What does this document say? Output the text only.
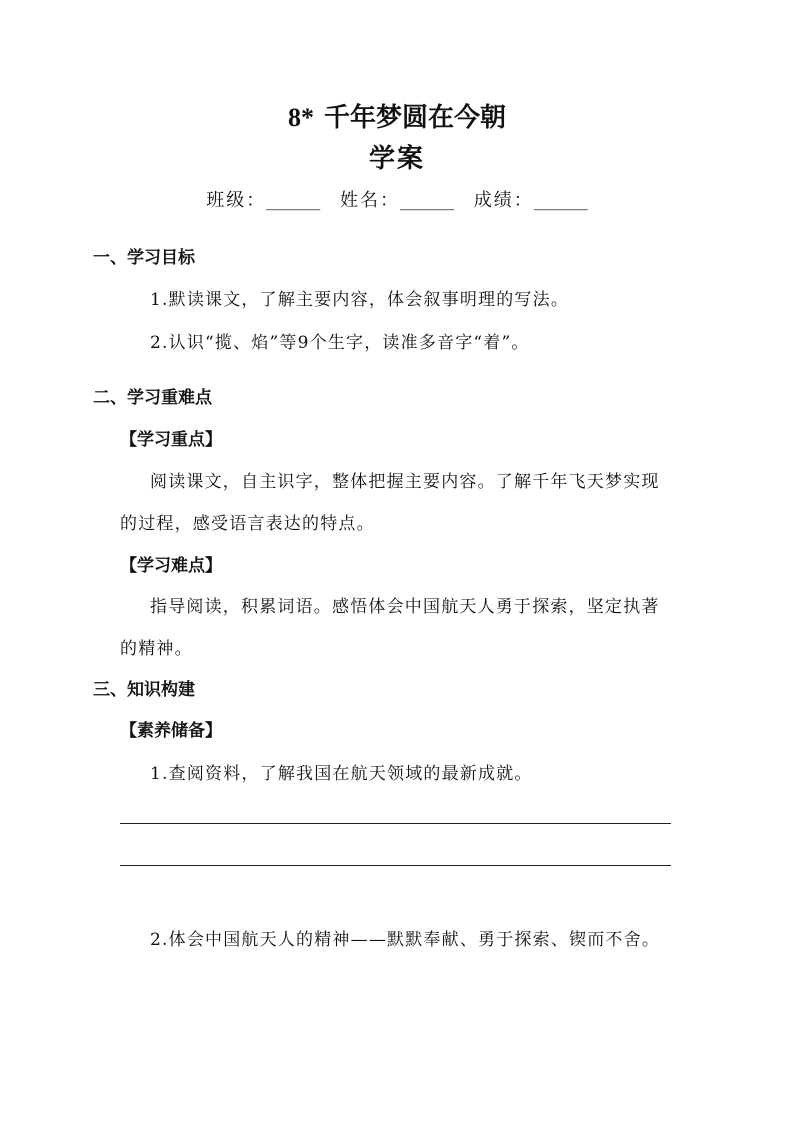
8* 千年梦圆在今朝
学案
班级：______ 姓名：______ 成绩：______
一、学习目标
1.默读课文，了解主要内容，体会叙事明理的写法。
2.认识“揽、焰”等9个生字，读准多音字“着”。
二、学习重难点
【学习重点】
阅读课文，自主识字，整体把握主要内容。了解千年飞天梦实现
的过程，感受语言表达的特点。
【学习难点】
指导阅读，积累词语。感悟体会中国航天人勇于探索，坚定执著
的精神。
三、知识构建
【素养储备】
1.查阅资料，了解我国在航天领域的最新成就。
2.体会中国航天人的精神——默默奉献、勇于探索、锲而不舍。
